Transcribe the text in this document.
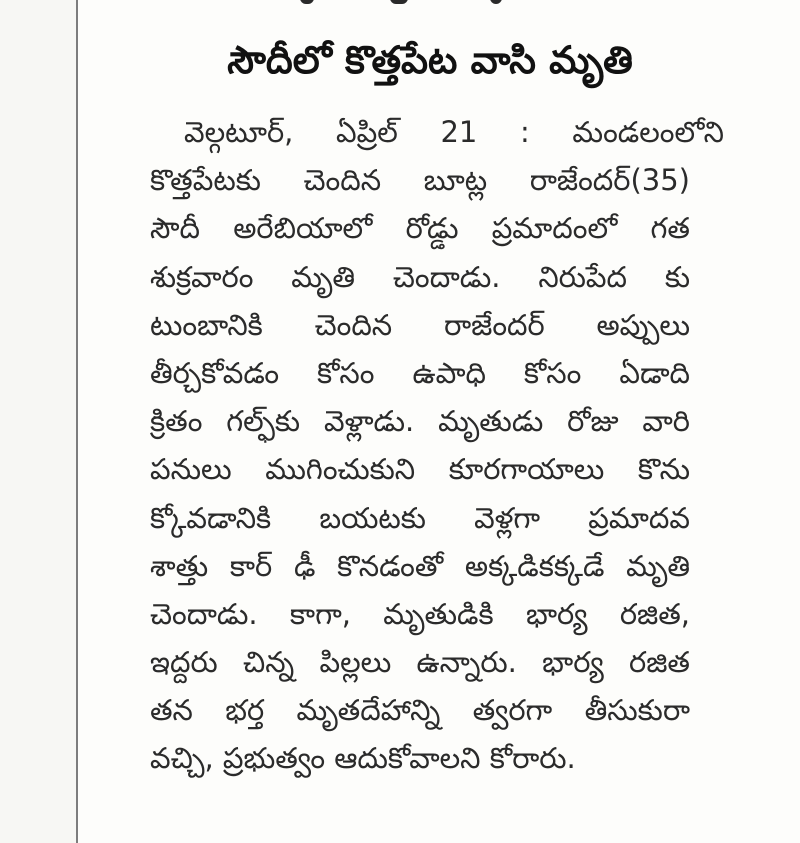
సౌదీలో కొత్తపేట వాసి మృతి
వెల్గటూర్, ఏప్రిల్ 21 : మండలంలోని
కొత్తపేటకు చెందిన బూట్ల రాజేందర్(35)
సౌదీ అరేబియాలో రోడ్డు ప్రమాదంలో గత
శుక్రవారం మృతి చెందాడు. నిరుపేద కు
టుంబానికి చెందిన రాజేందర్ అప్పులు
తీర్చకోవడం కోసం ఉపాధి కోసం ఏడాది
క్రితం గల్ఫ్‌కు వెళ్లాడు. మృతుడు రోజు వారి
పనులు ముగించుకుని కూరగాయాలు కొను
క్కోవడానికి బయటకు వెళ్లగా ప్రమాదవ
శాత్తు కార్ ఢీ కొనడంతో అక్కడికక్కడే మృతి
చెందాడు. కాగా, మృతుడికి భార్య రజిత,
ఇద్దరు చిన్న పిల్లలు ఉన్నారు. భార్య రజిత
తన భర్త మృతదేహాన్ని త్వరగా తీసుకురా
వచ్చి, ప్రభుత్వం ఆదుకోవాలని కోరారు.
